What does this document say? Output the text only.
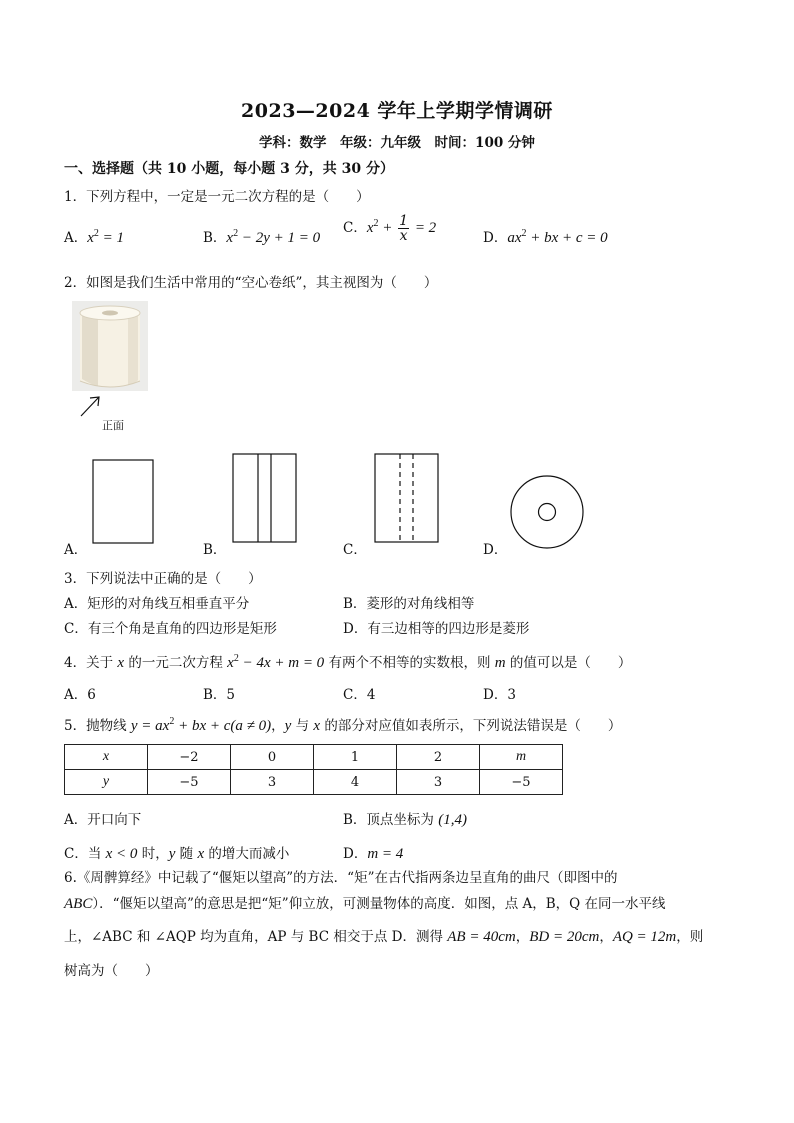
2023—2024 学年上学期学情调研
学科：数学　年级：九年级　时间：100 分钟
一、选择题（共 10 小题，每小题 3 分，共 30 分）
1．下列方程中，一定是一元二次方程的是（　　）
A．$x^2 = 1$	B．$x^2 - 2y + 1 = 0$
C．$x^2 + \frac{1}{x} = 2$
D．$ax^2$ + bx + c = 0
2．如图是我们生活中常用的“空心卷纸”，其主视图为（　　）
正面
A．	B．	C．	D．
3．下列说法中正确的是（　　）
A．矩形的对角线互相垂直平分	B．菱形的对角线相等
C．有三个角是直角的四边形是矩形	D．有三边相等的四边形是菱形
4．关于 x 的一元二次方程 $x^2 - 4x + m = 0$ 有两个不相等的实数根，则 m 的值可以是（　　）
A．6	B．5	C．4	D．3
5．抛物线 $y = ax^2$ + bx + c(a ≠ 0)，y 与 x 的部分对应值如表所示，下列说法错误是（　　）
x	−2	0	1	2	m
y	−5	3	4	3	−5
A．开口向下	B．顶点坐标为 (1,4)
C．当 x < 0 时，y 随 x 的增大而减小	D．m = 4
6.《周髀算经》中记载了“偃矩以望高”的方法．“矩”在古代指两条边呈直角的曲尺（即图中的
ABC）．“偃矩以望高”的意思是把“矩”仰立放，可测量物体的高度．如图，点 A，B，Q 在同一水平线
上，∠ABC 和 ∠AQP 均为直角，AP 与 BC 相交于点 D．测得 AB = 40cm，BD = 20cm，AQ = 12m，则
树高为（　　）
